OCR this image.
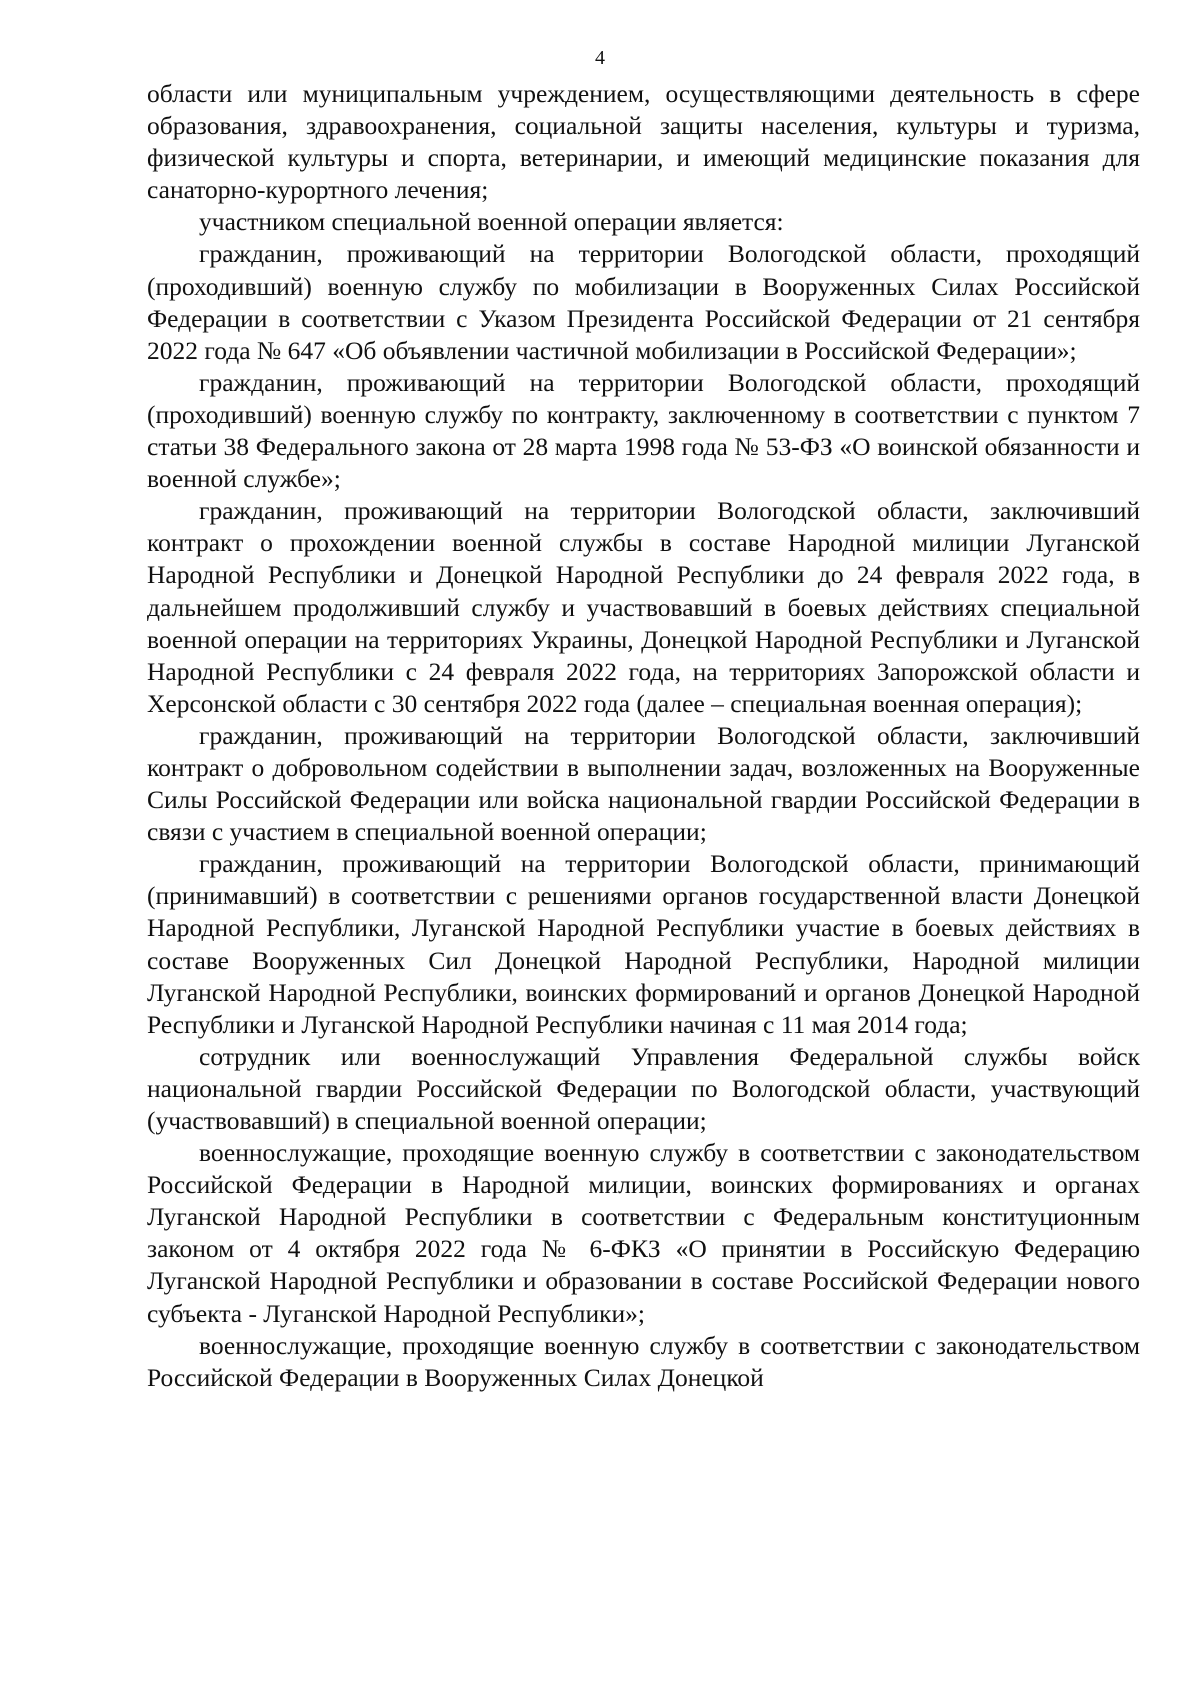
4

области или муниципальным учреждением, осуществляющими деятельность в сфере образования, здравоохранения, социальной защиты населения, культуры и туризма, физической культуры и спорта, ветеринарии, и имеющий медицинские показания для санаторно-курортного лечения;

участником специальной военной операции является:

гражданин, проживающий на территории Вологодской области, проходящий (проходивший) военную службу по мобилизации в Вооруженных Силах Российской Федерации в соответствии с Указом Президента Российской Федерации от 21 сентября 2022 года № 647 «Об объявлении частичной мобилизации в Российской Федерации»;

гражданин, проживающий на территории Вологодской области, проходящий (проходивший) военную службу по контракту, заключенному в соответствии с пунктом 7 статьи 38 Федерального закона от 28 марта 1998 года № 53-ФЗ «О воинской обязанности и военной службе»;

гражданин, проживающий на территории Вологодской области, заключивший контракт о прохождении военной службы в составе Народной милиции Луганской Народной Республики и Донецкой Народной Республики до 24 февраля 2022 года, в дальнейшем продолживший службу и участвовавший в боевых действиях специальной военной операции на территориях Украины, Донецкой Народной Республики и Луганской Народной Республики с 24 февраля 2022 года, на территориях Запорожской области и Херсонской области с 30 сентября 2022 года (далее – специальная военная операция);

гражданин, проживающий на территории Вологодской области, заключивший контракт о добровольном содействии в выполнении задач, возложенных на Вооруженные Силы Российской Федерации или войска национальной гвардии Российской Федерации в связи с участием в специальной военной операции;

гражданин, проживающий на территории Вологодской области, принимающий (принимавший) в соответствии с решениями органов государственной власти Донецкой Народной Республики, Луганской Народной Республики участие в боевых действиях в составе Вооруженных Сил Донецкой Народной Республики, Народной милиции Луганской Народной Республики, воинских формирований и органов Донецкой Народной Республики и Луганской Народной Республики начиная с 11 мая 2014 года;

сотрудник или военнослужащий Управления Федеральной службы войск национальной гвардии Российской Федерации по Вологодской области, участвующий (участвовавший) в специальной военной операции;

военнослужащие, проходящие военную службу в соответствии с законодательством Российской Федерации в Народной милиции, воинских формированиях и органах Луганской Народной Республики в соответствии с Федеральным конституционным законом от 4 октября 2022 года № 6-ФКЗ «О принятии в Российскую Федерацию Луганской Народной Республики и образовании в составе Российской Федерации нового субъекта - Луганской Народной Республики»;

военнослужащие, проходящие военную службу в соответствии с законодательством Российской Федерации в Вооруженных Силах Донецкой
